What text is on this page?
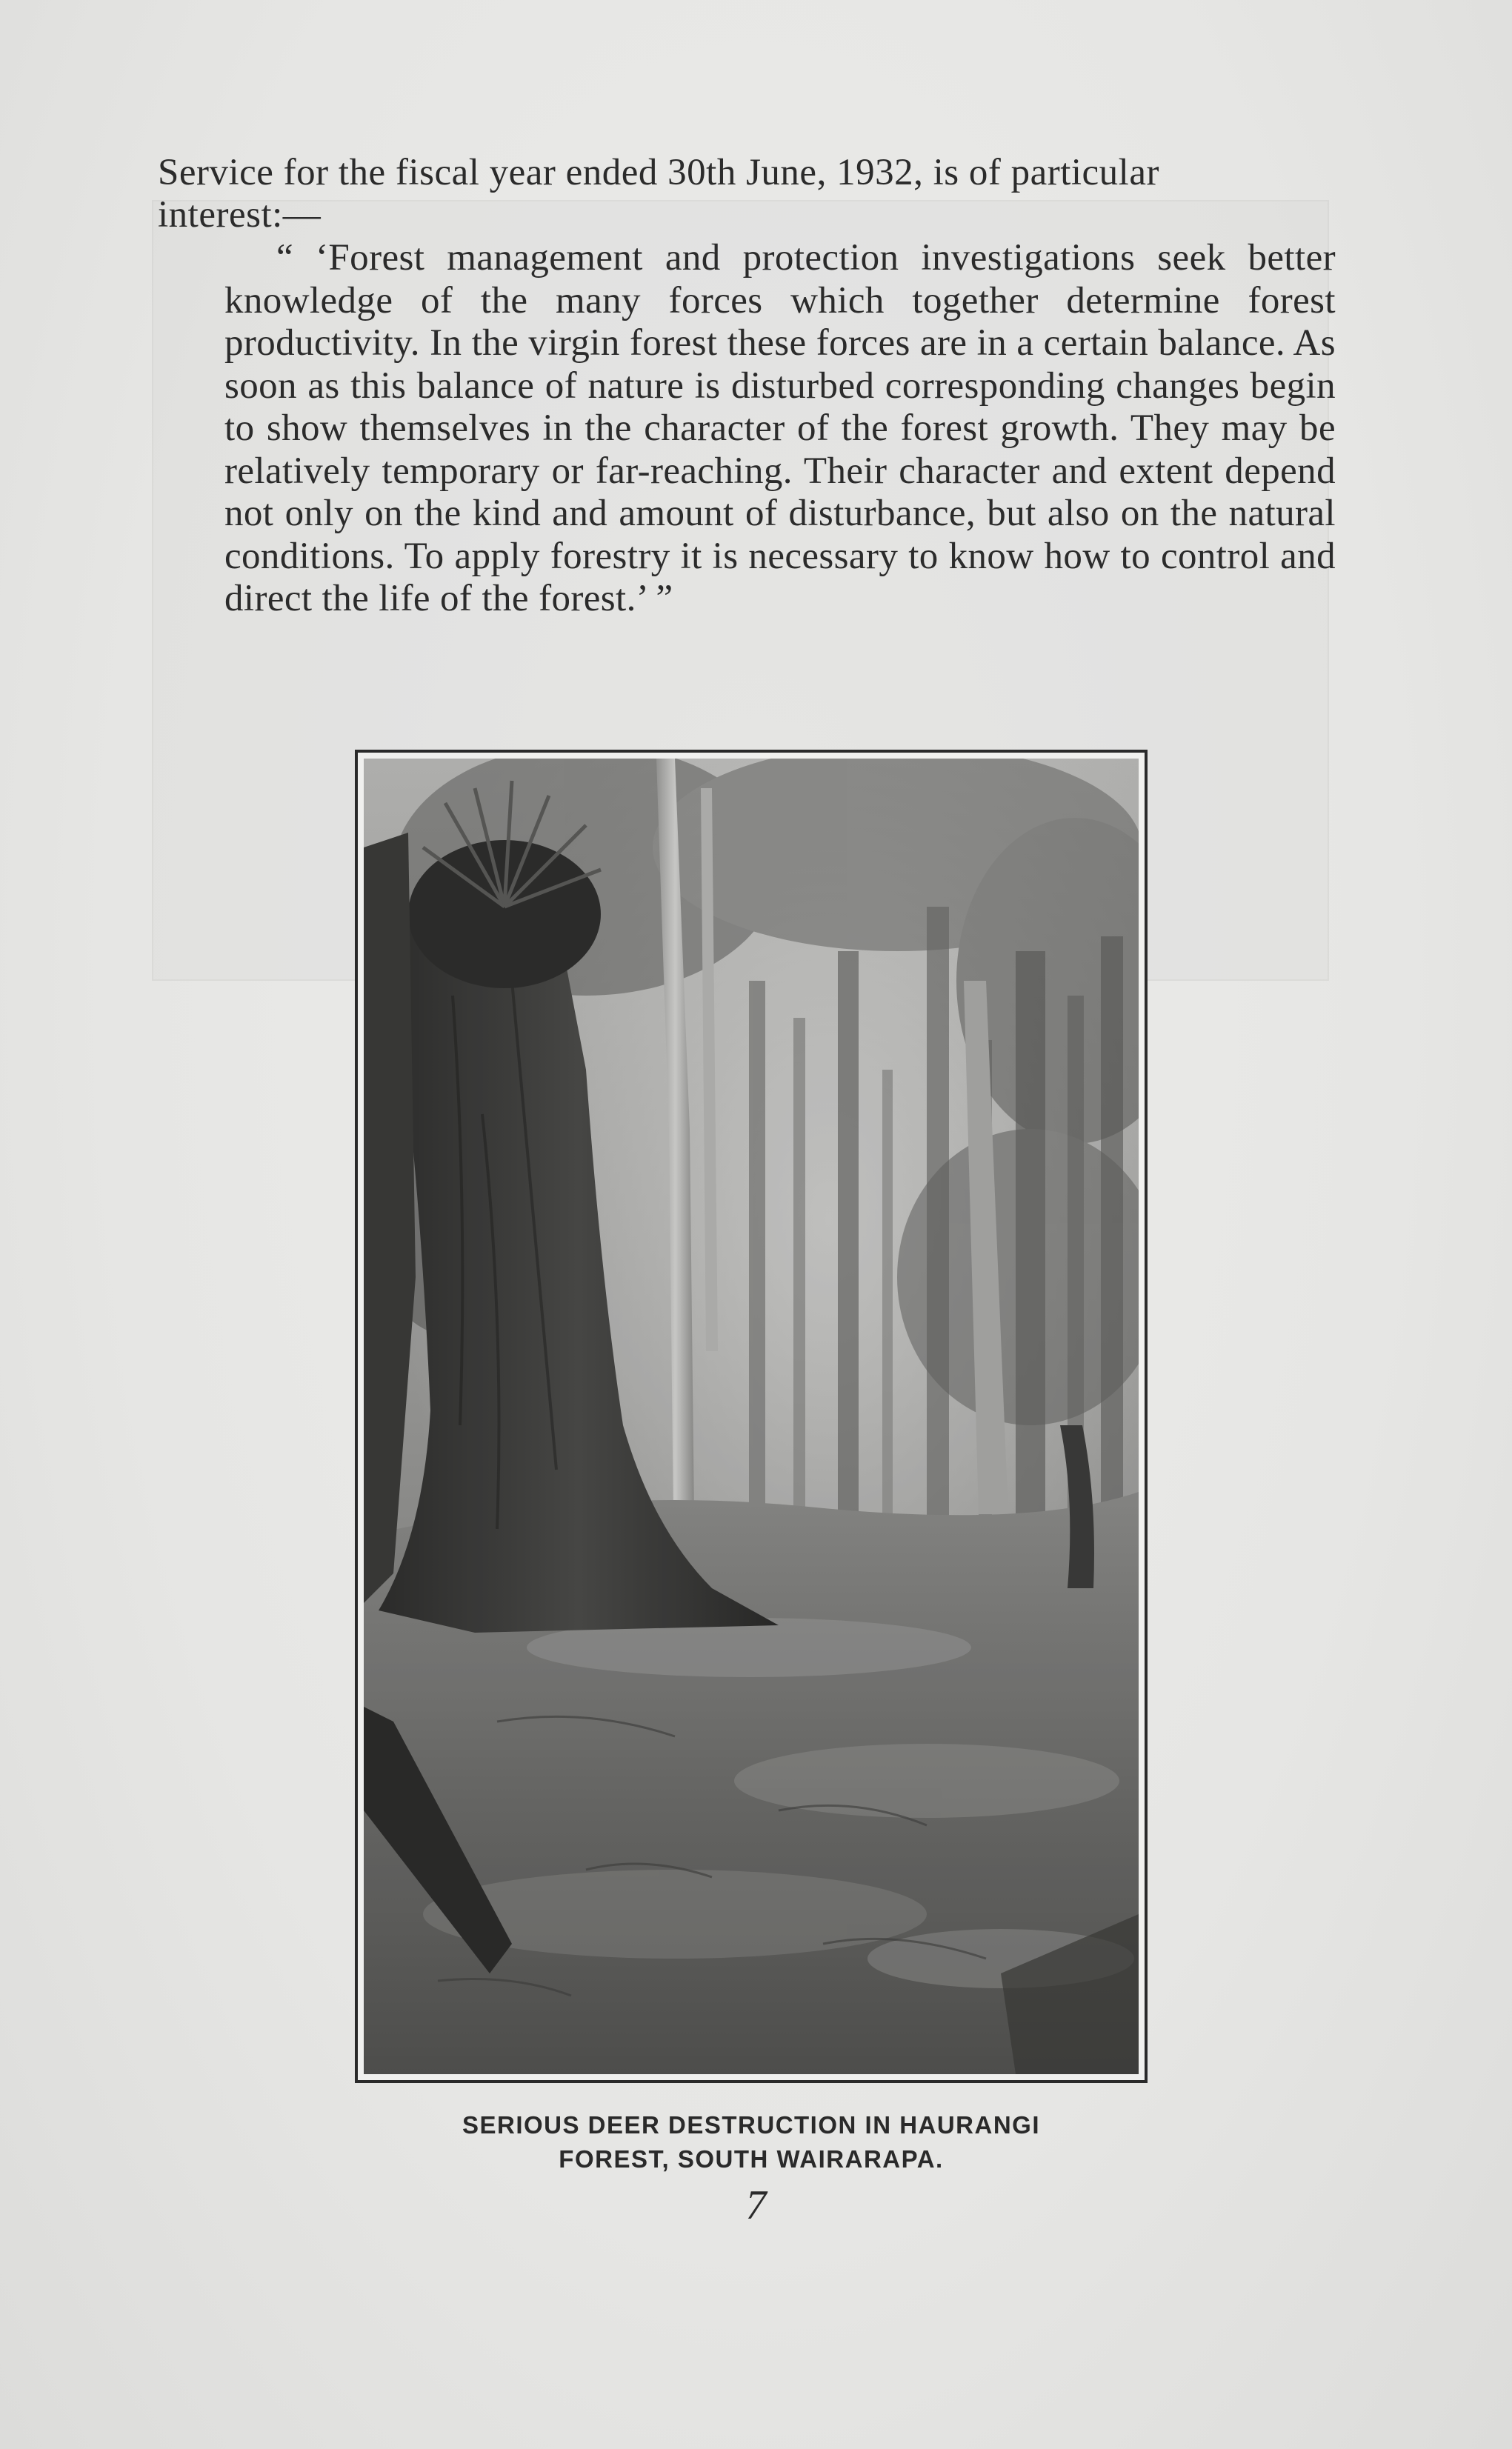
Service for the fiscal year ended 30th June, 1932, is of particular

interest:—

“ ‘Forest management and protection investigations seek better knowledge of the many forces which together determine forest productivity. In the virgin forest these forces are in a certain balance. As soon as this balance of nature is disturbed corresponding changes begin to show themselves in the character of the forest growth. They may be relatively temporary or far-reaching. Their character and extent depend not only on the kind and amount of disturbance, but also on the natural conditions. To apply forestry it is necessary to know how to control and direct the life of the forest.’ ”

SERIOUS DEER DESTRUCTION IN HAURANGI
FOREST, SOUTH WAIRARAPA.
7
